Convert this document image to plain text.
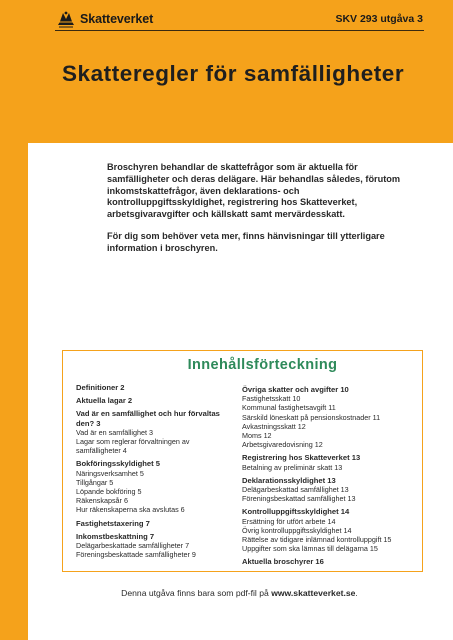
Skatteverket	SKV 293 utgåva 3
Skatteregler för samfälligheter

Broschyren behandlar de skattefrågor som är aktuella för samfälligheter och deras delägare. Här behandlas således, förutom inkomstskattefrågor, även deklarations- och kontrolluppgiftsskyldighet, registrering hos Skatteverket, arbetsgivaravgifter och källskatt samt mervärdesskatt.

För dig som behöver veta mer, finns hänvisningar till ytterligare information i broschyren.

Innehållsförteckning
Definitioner 2
Aktuella lagar 2
Vad är en samfällighet och hur förvaltas den? 3
Vad är en samfällighet 3
Lagar som reglerar förvaltningen av samfälligheter 4
Bokföringsskyldighet 5
Näringsverksamhet 5
Tillgångar 5
Löpande bokföring 5
Räkenskapsår 6
Hur räkenskaperna ska avslutas 6
Fastighetstaxering 7
Inkomstbeskattning 7
Delägarbeskattade samfälligheter 7
Föreningsbeskattade samfälligheter 9
Övriga skatter och avgifter 10
Fastighetsskatt 10
Kommunal fastighetsavgift 11
Särskild löneskatt på pensionskostnader 11
Avkastningsskatt 12
Moms 12
Arbetsgivaredovisning 12
Registrering hos Skatteverket 13
Betalning av preliminär skatt 13
Deklarationsskyldighet 13
Delägarbeskattad samfällighet 13
Föreningsbeskattad samfällighet 13
Kontrolluppgiftsskyldighet 14
Ersättning för utfört arbete 14
Övrig kontrolluppgiftsskyldighet 14
Rättelse av tidigare inlämnad kontrolluppgift 15
Uppgifter som ska lämnas till delägarna 15
Aktuella broschyrer 16
Denna utgåva finns bara som pdf-fil på www.skatteverket.se.
